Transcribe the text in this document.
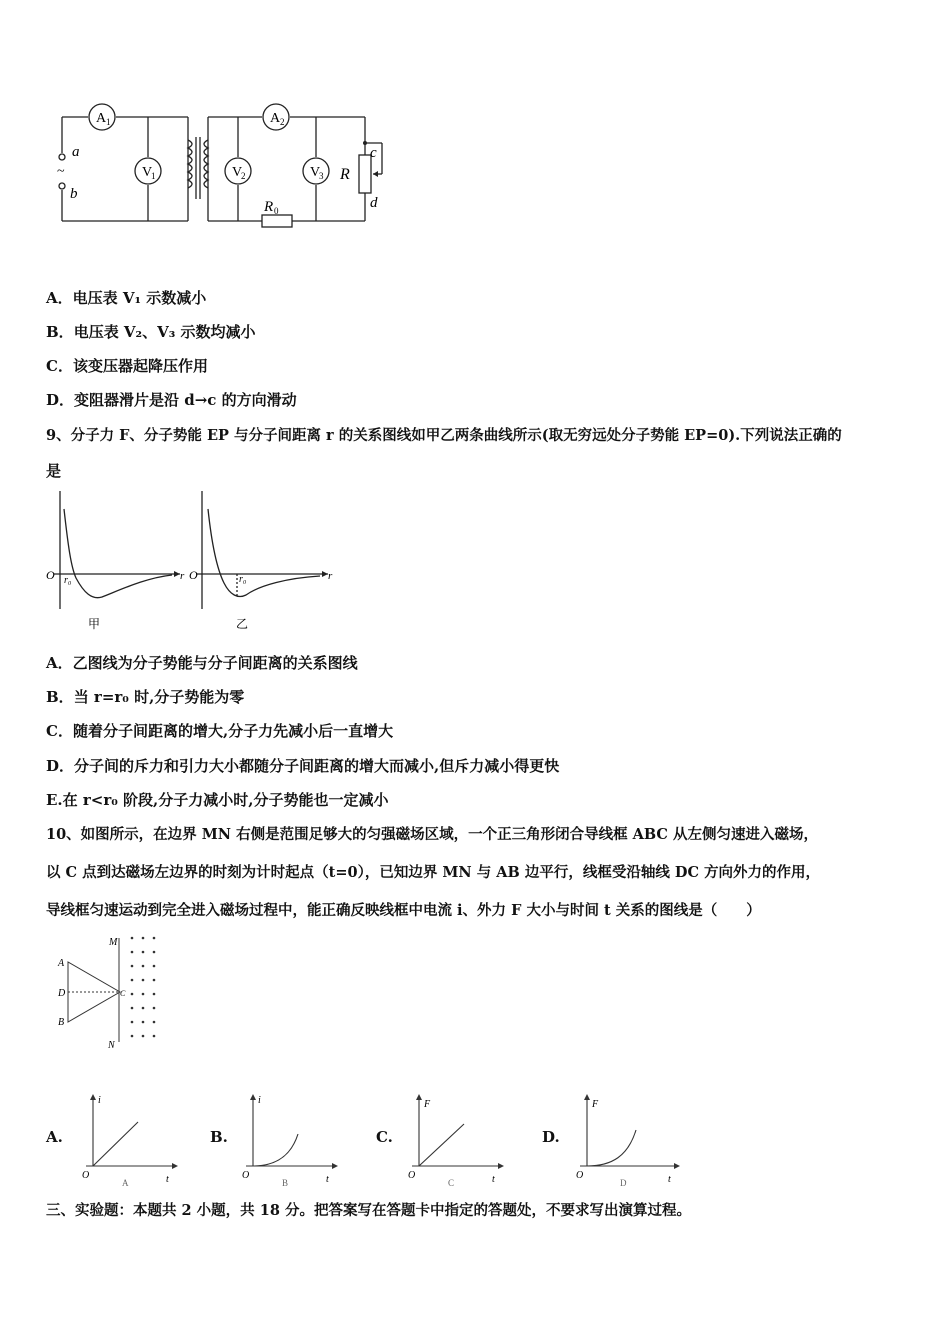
A 1	A 2
V
1	V
2	V
3
a
~
b
R 0
R
c
d
A．电压表 V₁ 示数减小
B．电压表 V₂、V₃ 示数均减小
C．该变压器起降压作用
D．变阻器滑片是沿 d→c 的方向滑动
9、分子力 F、分子势能 EP 与分子间距离 r 的关系图线如甲乙两条曲线所示(取无穷远处分子势能 EP=0).下列说法正确的
是
O r₀	r
甲
O	r₀	r
乙
A．乙图线为分子势能与分子间距离的关系图线
B．当 r=r₀ 时,分子势能为零
C．随着分子间距离的增大,分子力先减小后一直增大
D．分子间的斥力和引力大小都随分子间距离的增大而减小,但斥力减小得更快
E.在 r<r₀ 阶段,分子力减小时,分子势能也一定减小
10、如图所示，在边界 MN 右侧是范围足够大的匀强磁场区域，一个正三角形闭合导线框 ABC 从左侧匀速进入磁场，
以 C 点到达磁场左边界的时刻为计时起点（t=0），已知边界 MN 与 AB 边平行，线框受沿轴线 DC 方向外力的作用，
导线框匀速运动到完全进入磁场过程中，能正确反映线框中电流 i、外力 F 大小与时间 t 关系的图线是（　　）
M
N
A
D
B
C
A.
i
t
O
A
B.
i
t
O
B
C.
F
t
O
C
D.
F
t
O
D
三、实验题：本题共 2 小题，共 18 分。把答案写在答题卡中指定的答题处，不要求写出演算过程。
